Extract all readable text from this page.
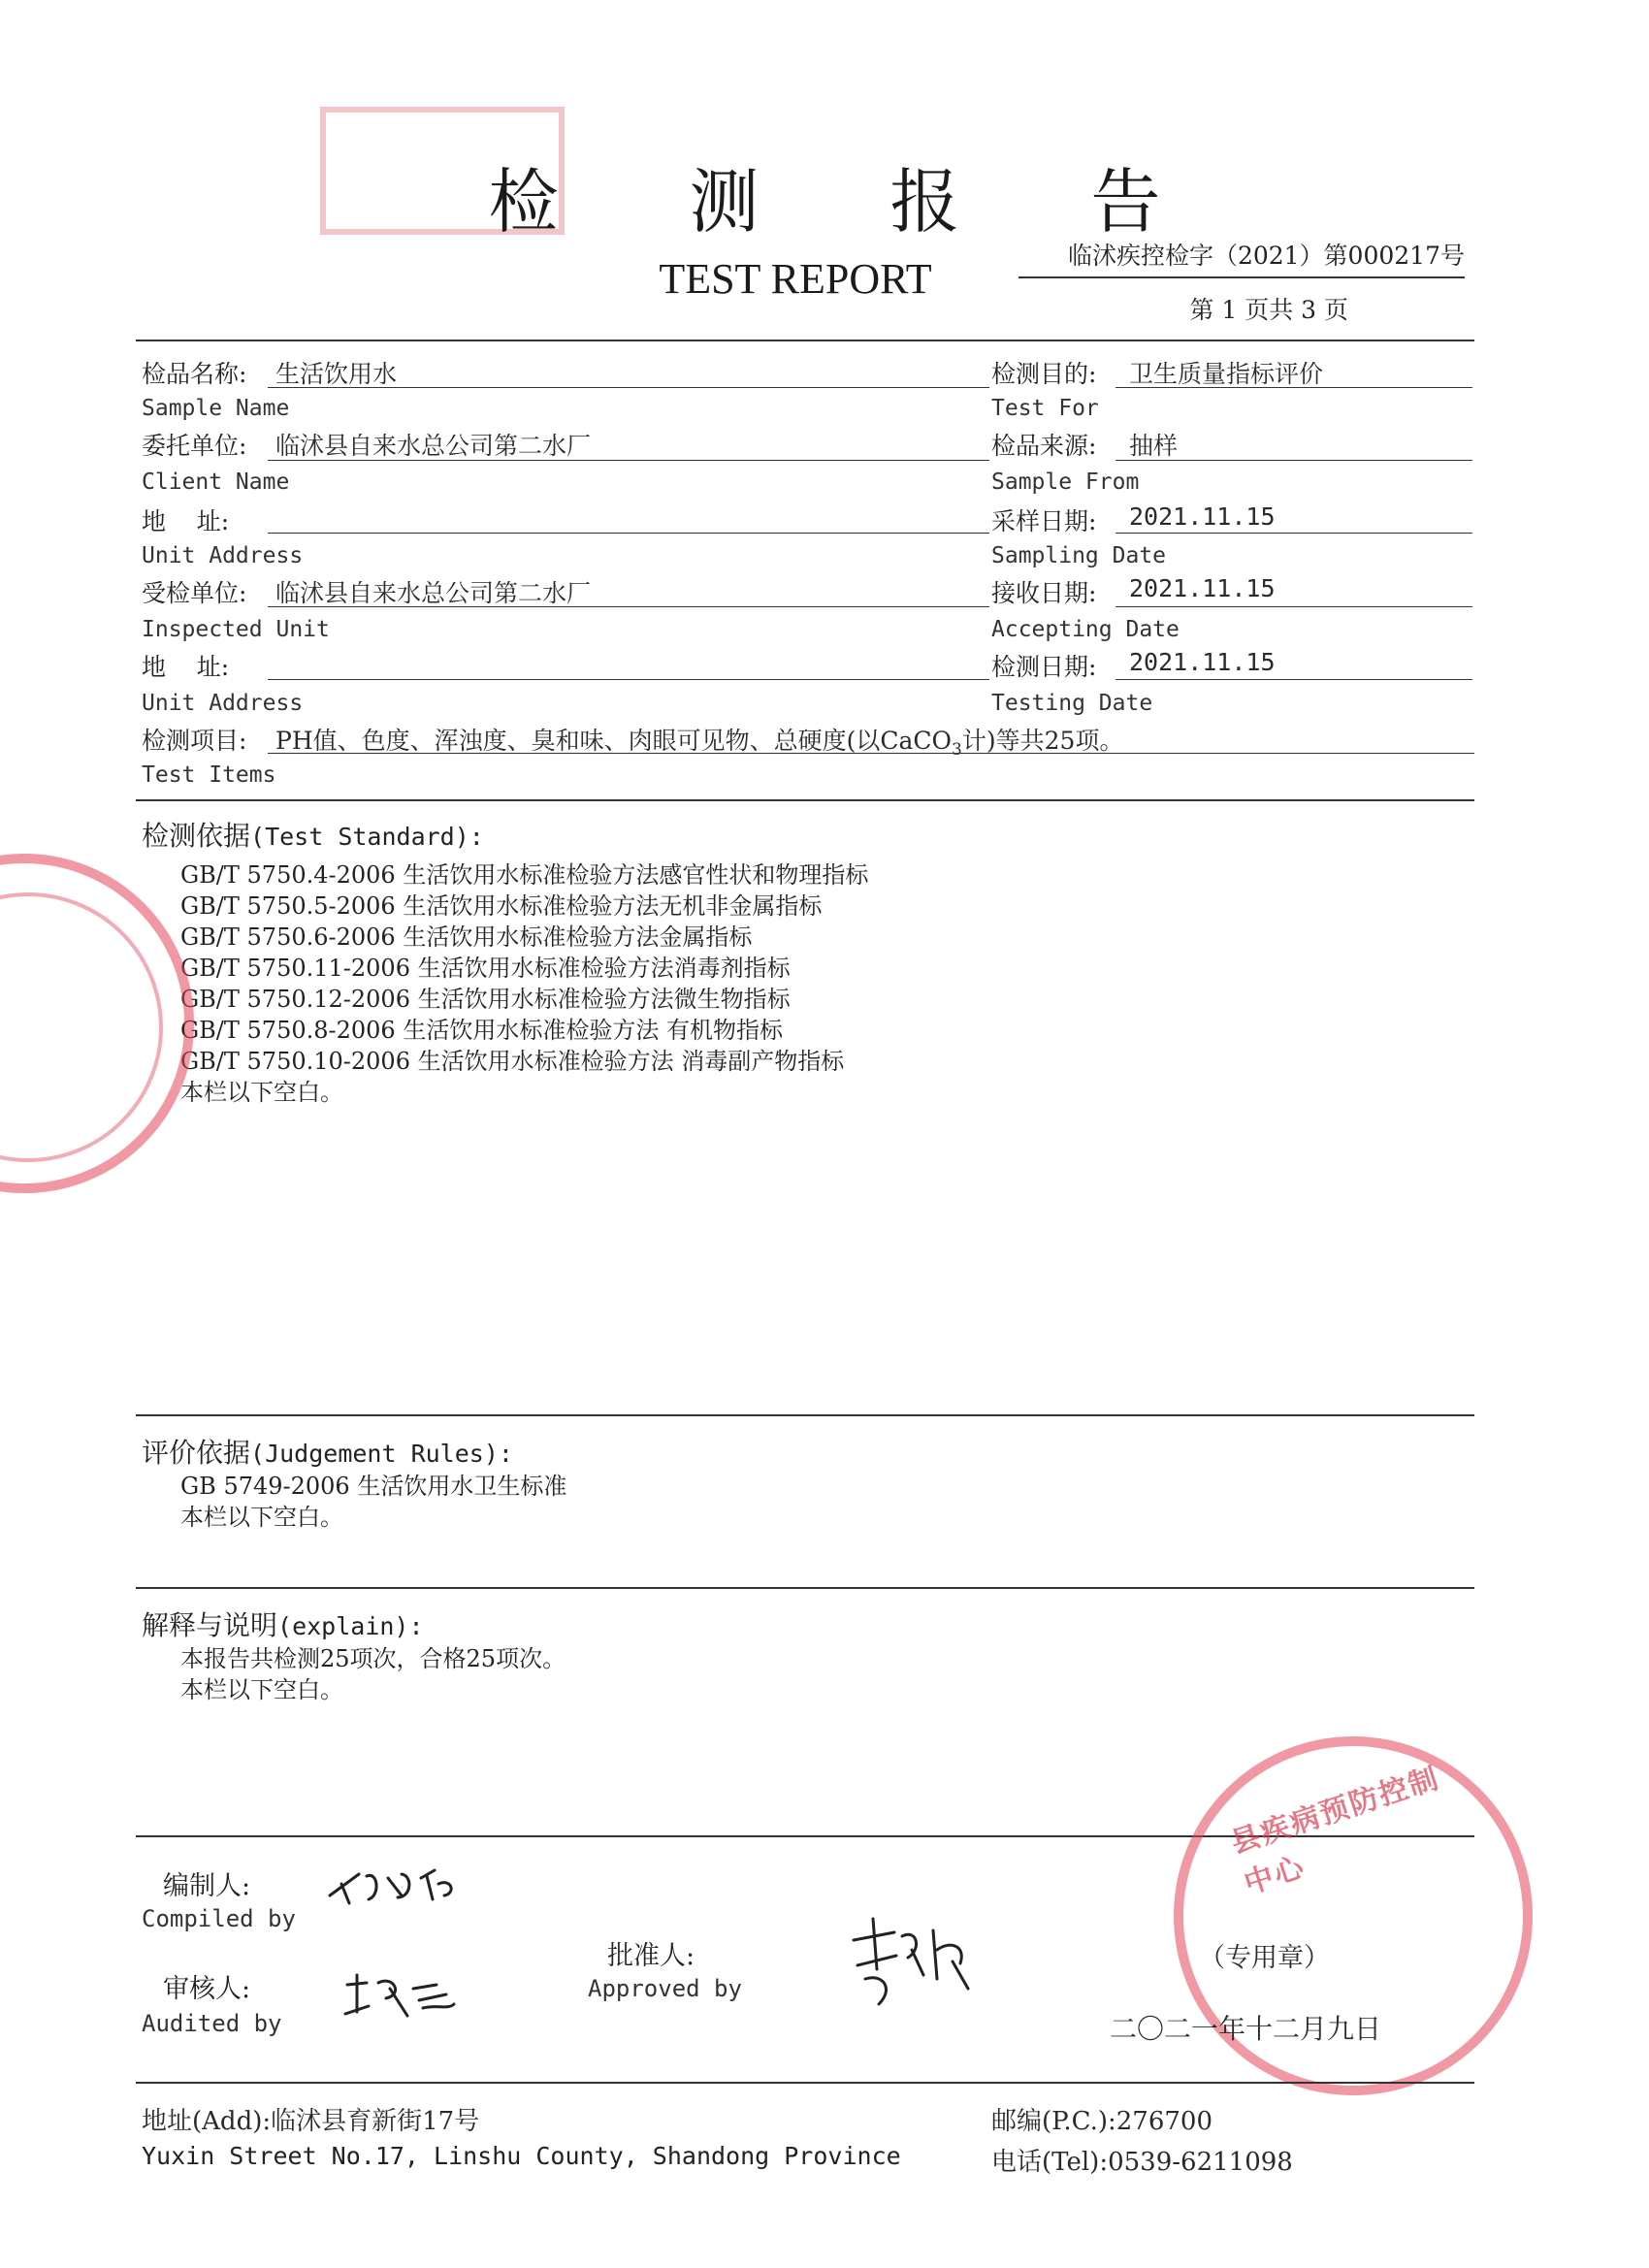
检 测 报 告
TEST REPORT	临沭疾控检字（2021）第000217号
第 1 页共 3 页
检品名称: 生活饮用水
Sample Name
委托单位: 临沭县自来水总公司第二水厂
Client Name
地    址:
Unit Address
受检单位: 临沭县自来水总公司第二水厂
Inspected Unit
地    址:
Unit Address
检测目的: 卫生质量指标评价
Test For
检品来源: 抽样
Sample From
采样日期: 2021.11.15
Sampling Date
接收日期: 2021.11.15
Accepting Date
检测日期: 2021.11.15
Testing Date
检测项目: PH值、色度、浑浊度、臭和味、肉眼可见物、总硬度(以CaCO$_3$计)等共25项。
Test Items
检测依据(Test Standard):
GB/T 5750.4-2006 生活饮用水标准检验方法感官性状和物理指标
GB/T 5750.5-2006 生活饮用水标准检验方法无机非金属指标
GB/T 5750.6-2006 生活饮用水标准检验方法金属指标
GB/T 5750.11-2006 生活饮用水标准检验方法消毒剂指标
GB/T 5750.12-2006 生活饮用水标准检验方法微生物指标
GB/T 5750.8-2006 生活饮用水标准检验方法 有机物指标
GB/T 5750.10-2006 生活饮用水标准检验方法 消毒副产物指标
本栏以下空白。
评价依据(Judgement Rules):
GB 5749-2006 生活饮用水卫生标准
本栏以下空白。
解释与说明(explain):
本报告共检测25项次，合格25项次。
本栏以下空白。
编制人:
Compiled by
审核人:
Audited by
批准人:
Approved by
县疾病预防控制中心
（专用章）
二〇二一年十二月九日
地址(Add):临沭县育新街17号
Yuxin Street No.17, Linshu County, Shandong Province
邮编(P.C.):276700
电话(Tel):0539-6211098
